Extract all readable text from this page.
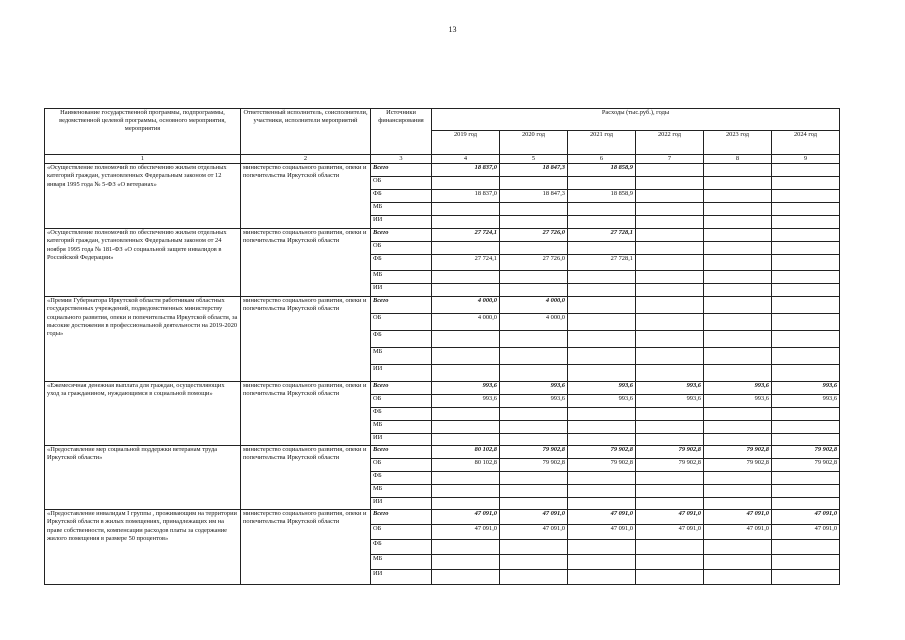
13
Наименование государственной программы, подпрограммы, ведомственной целевой программы, основного мероприятия, мероприятия	Ответственный исполнитель, соисполнители, участники, исполнители мероприятий	Источники финансирования	Расходы (тыс.руб.), годы					
			2019 год	2020 год	2021 год	2022 год	2023 год	2024 год
1	2	3	4	5	6	7	8	9
«Осуществление полномочий по обеспечению жильем отдельных категорий граждан, установленных Федеральным законом от 12 января 1995 года № 5-ФЗ «О ветеранах»	министерство социального развития, опеки и попечительства Иркутской области	Всего	18 837,0	18 847,3	18 858,9			
		ОБ						
		ФБ	18 837,0	18 847,3	18 858,9			
		МБ						
		ИИ						
«Осуществление полномочий по обеспечению жильем отдельных категорий граждан, установленных Федеральным законом от 24 ноября 1995 года № 181-ФЗ «О социальной защите инвалидов в Российской Федерации»	министерство социального развития, опеки и попечительства Иркутской области	Всего	27 724,1	27 726,0	27 728,1			
		ОБ						
		ФБ	27 724,1	27 726,0	27 728,1			
		МБ						
		ИИ						
«Премии Губернатора Иркутской области работникам областных государственных учреждений, подведомственных министерству социального развития, опеки и попечительства Иркутской области, за высокие достижения в профессиональной деятельности на 2019-2020 годы»	министерство социального развития, опеки и попечительства Иркутской области	Всего	4 000,0	4 000,0				
		ОБ	4 000,0	4 000,0				
		ФБ						
		МБ						
		ИИ						
«Ежемесячная денежная выплата для граждан, осуществляющих уход за гражданином, нуждающимся в социальной помощи»	министерство социального развития, опеки и попечительства Иркутской области	Всего	993,6	993,6	993,6	993,6	993,6	993,6
		ОБ	993,6	993,6	993,6	993,6	993,6	993,6
		ФБ						
		МБ						
		ИИ						
«Предоставление мер социальной поддержки ветеранам труда Иркутской области»	министерство социального развития, опеки и попечительства Иркутской области	Всего	80 102,8	79 902,8	79 902,8	79 902,8	79 902,8	79 902,8
		ОБ	80 102,8	79 902,8	79 902,8	79 902,8	79 902,8	79 902,8
		ФБ						
		МБ						
		ИИ						
«Предоставление инвалидам I группы , проживающим на территории Иркутской области в жилых помещениях, принадлежащих им на праве собственности, компенсации расходов платы за содержание жилого помещения в размере 50 процентов»	министерство социального развития, опеки и попечительства Иркутской области	Всего	47 091,0	47 091,0	47 091,0	47 091,0	47 091,0	47 091,0
		ОБ	47 091,0	47 091,0	47 091,0	47 091,0	47 091,0	47 091,0
		ФБ						
		МБ						
		ИИ						
